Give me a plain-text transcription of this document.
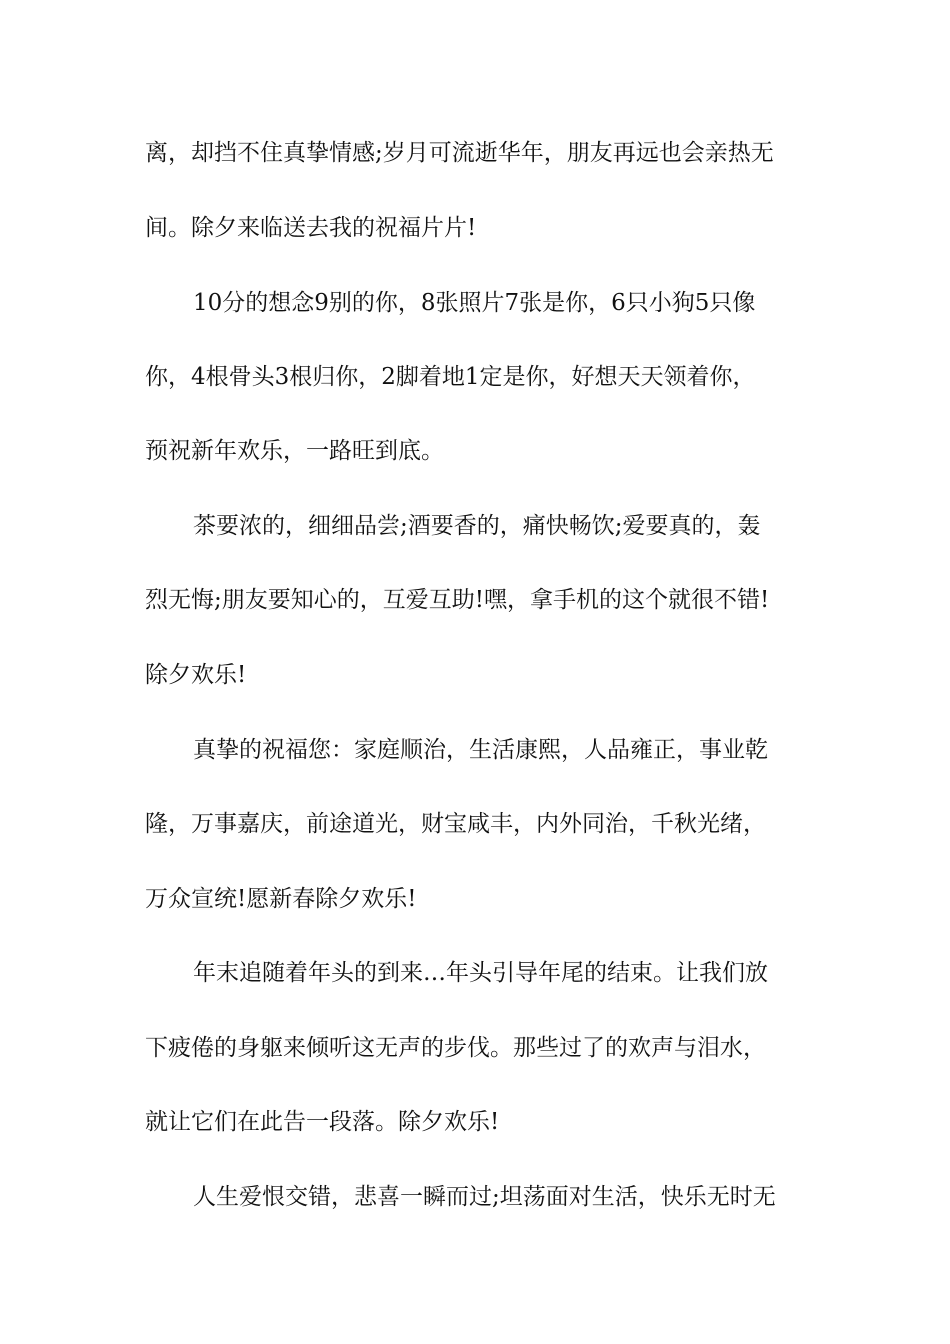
离，却挡不住真挚情感;岁月可流逝华年，朋友再远也会亲热无
间。除夕来临送去我的祝福片片!
10分的想念9别的你，8张照片7张是你，6只小狗5只像
你，4根骨头3根归你，2脚着地1定是你，好想天天领着你，
预祝新年欢乐，一路旺到底。
茶要浓的，细细品尝;酒要香的，痛快畅饮;爱要真的，轰
烈无悔;朋友要知心的，互爱互助!嘿，拿手机的这个就很不错!
除夕欢乐!
真挚的祝福您：家庭顺治，生活康熙，人品雍正，事业乾
隆，万事嘉庆，前途道光，财宝咸丰，内外同治，千秋光绪，
万众宣统!愿新春除夕欢乐!
年末追随着年头的到来…年头引导年尾的结束。让我们放
下疲倦的身躯来倾听这无声的步伐。那些过了的欢声与泪水，
就让它们在此告一段落。除夕欢乐!
人生爱恨交错，悲喜一瞬而过;坦荡面对生活，快乐无时无
